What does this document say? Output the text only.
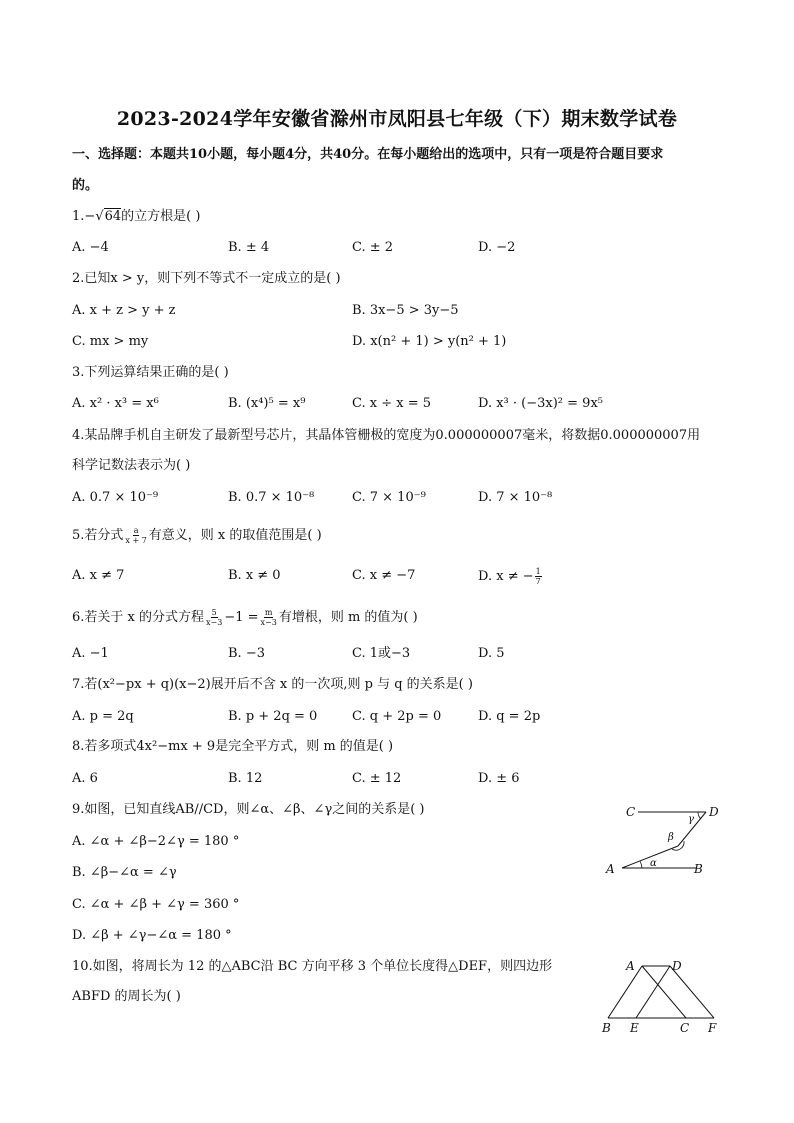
2023-2024学年安徽省滁州市凤阳县七年级（下）期末数学试卷
一、选择题：本题共10小题，每小题4分，共40分。在每小题给出的选项中，只有一项是符合题目要求
的。
1.−√64的立方根是( )
A. −4	B. ± 4	C. ± 2	D. −2
2.已知x > y，则下列不等式不一定成立的是( )
A. x + z > y + z	B. 3x−5 > 3y−5
C. mx > my	D. x(n² + 1) > y(n² + 1)
3.下列运算结果正确的是( )
A. x² · x³ = x⁶	B. (x⁴)⁵ = x⁹	C. x ÷ x = 5	D. x³ · (−3x)² = 9x⁵
4.某品牌手机自主研发了最新型号芯片，其晶体管栅极的宽度为0.000000007毫米，将数据0.000000007用
科学记数法表示为( )
A. 0.7 × 10⁻⁹	B. 0.7 × 10⁻⁸	C. 7 × 10⁻⁹	D. 7 × 10⁻⁸
5.若分式 $\frac{a}{x + 7}$ 有意义，则 x 的取值范围是( )
A. x ≠ 7	B. x ≠ 0	C. x ≠ −7	D. x ≠ − $\frac{1}{7}$
6.若关于 x 的分式方程 $\frac{5}{x-3} -1 = \frac{m}{x-3}$ 有增根，则 m 的值为( )
A. −1	B. −3	C. 1或−3	D. 5
7.若(x²−px + q)(x−2)展开后不含 x 的一次项,则 p 与 q 的关系是( )
A. p = 2q	B. p + 2q = 0	C. q + 2p = 0	D. q = 2p
8.若多项式4x²−mx + 9是完全平方式，则 m 的值是( )
A. 6	B. 12	C. ± 12	D. ± 6
9.如图，已知直线AB//CD，则∠α、∠β、∠γ之间的关系是( )
A. ∠α + ∠β−2∠γ = 180 °
B. ∠β−∠α = ∠γ
C. ∠α + ∠β + ∠γ = 360 °
D. ∠β + ∠γ−∠α = 180 °
C	D
A	B
α
β
γ
10.如图，将周长为 12 的△ABC沿 BC 方向平移 3 个单位长度得△DEF，则四边形
ABFD 的周长为( )
A	D
B E	C F
